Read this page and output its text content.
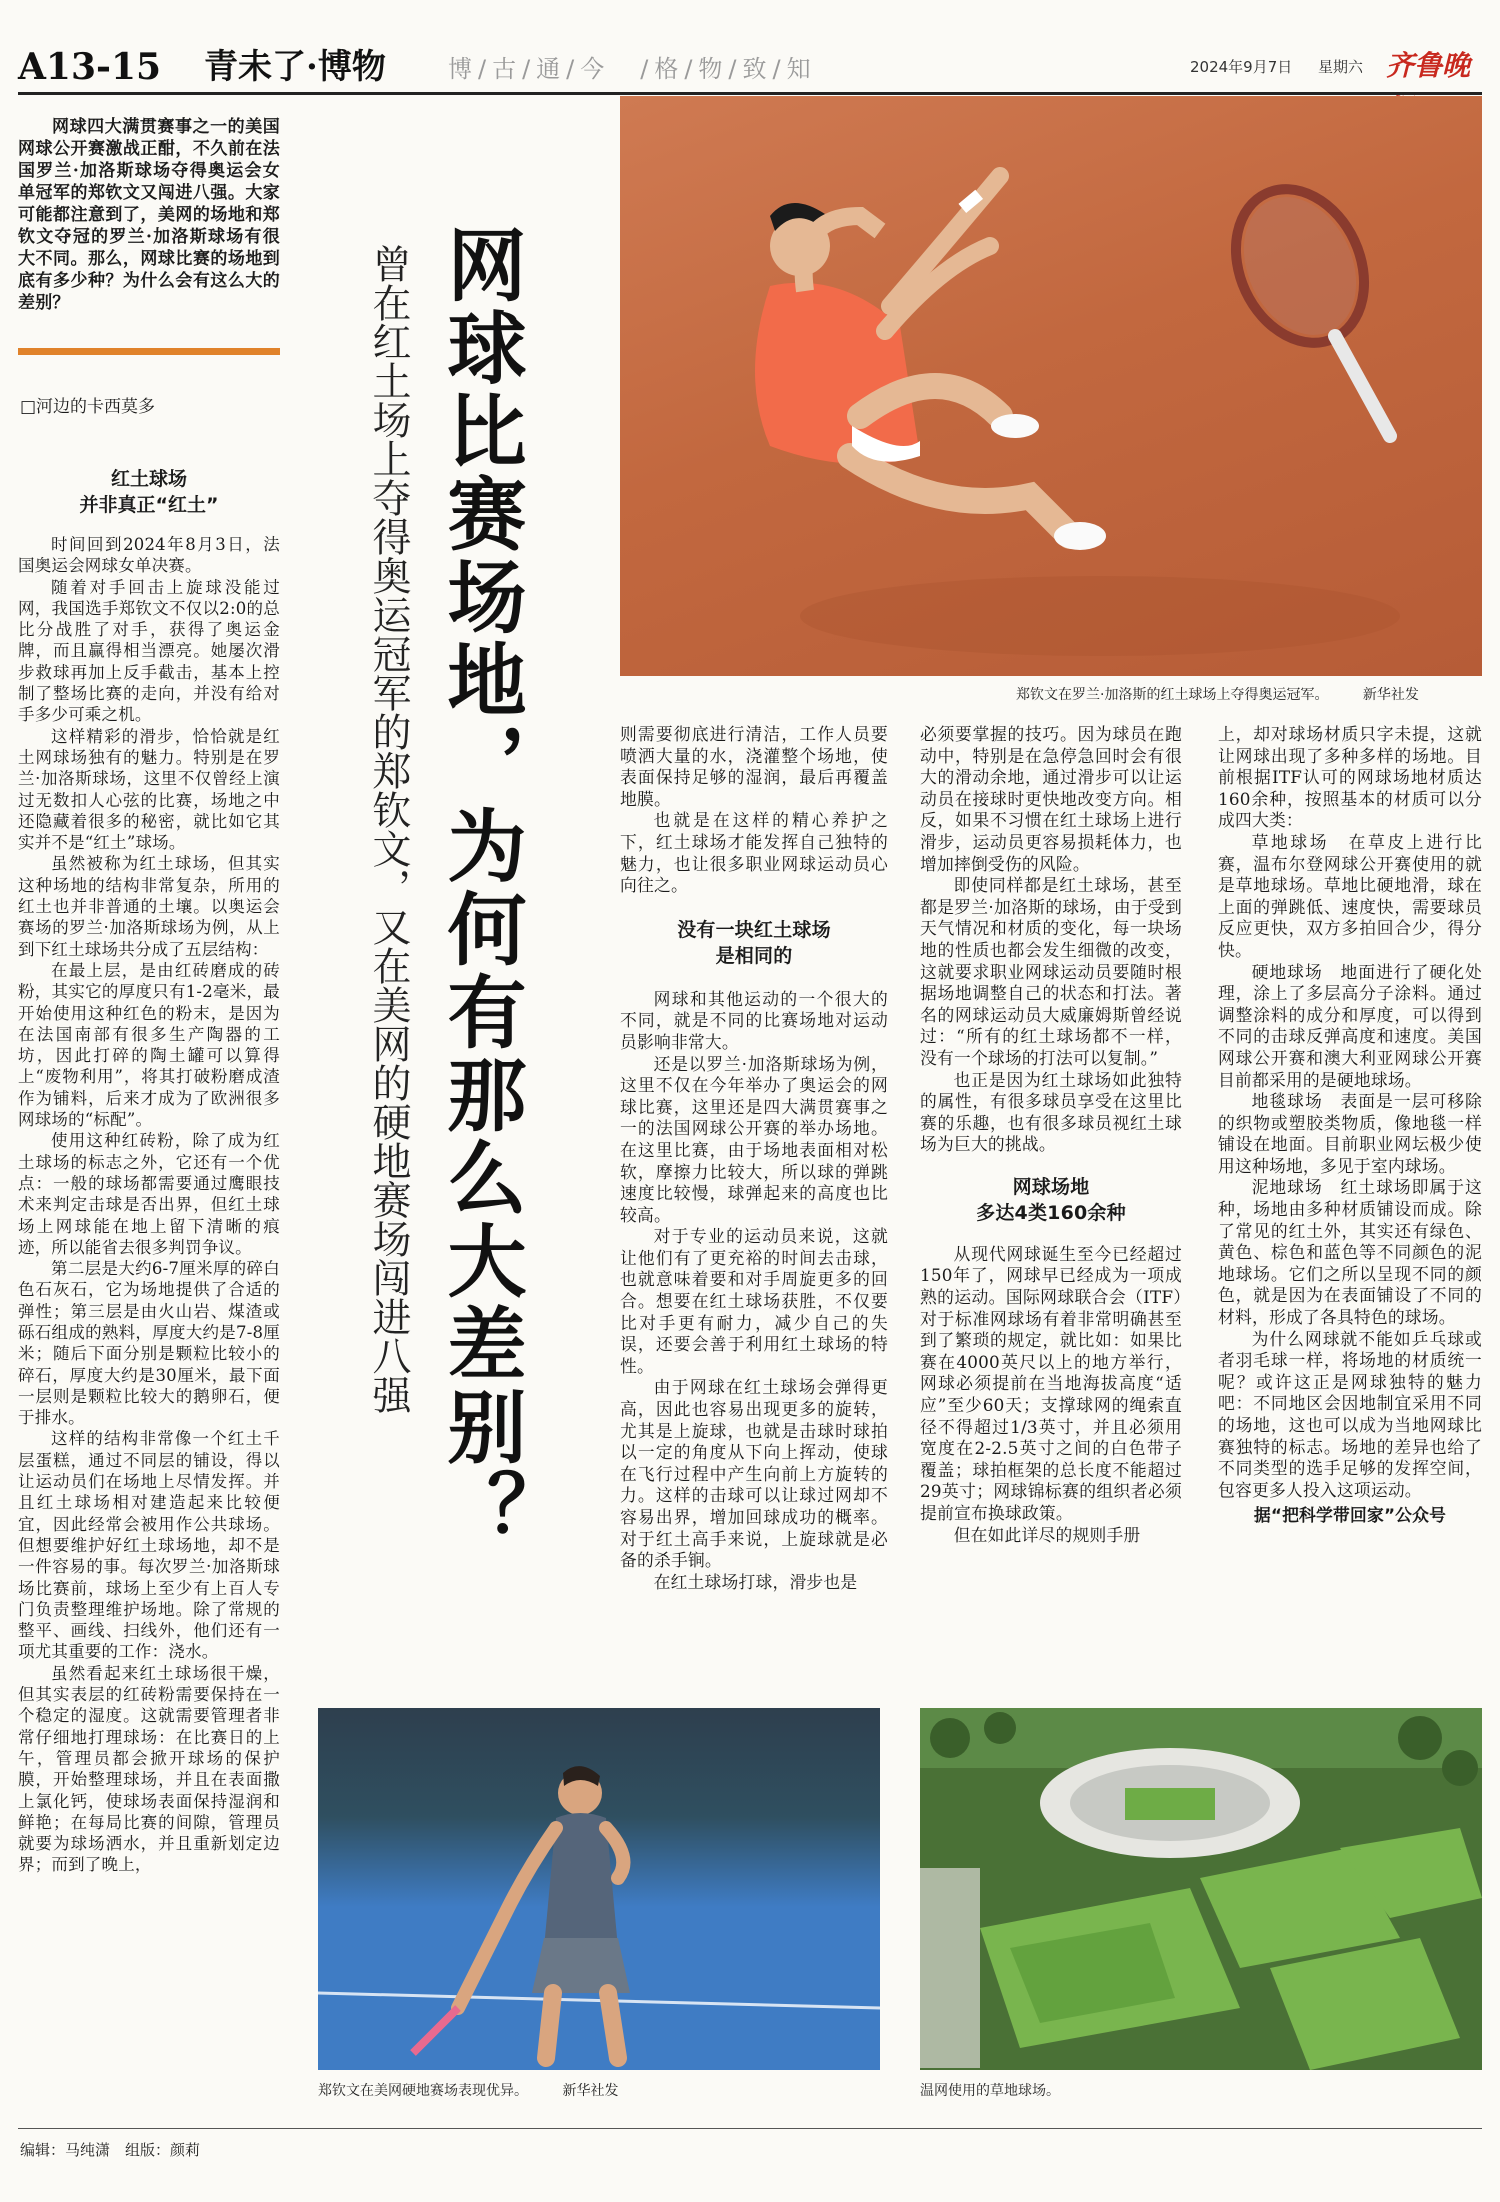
A13-15 青未了·博物	博/古/通/今　/格/物/致/知	2024年9月7日 星期六 齐鲁晚
网球四大满贯赛事之一的美国网球公开赛激战正酣，不久前在法国罗兰·加洛斯球场夺得奥运会女单冠军的郑钦文又闯进八强。大家可能都注意到了，美网的场地和郑钦文夺冠的罗兰·加洛斯球场有很大不同。那么，网球比赛的场地到底有多少种？为什么会有这么大的差别？
□河边的卡西莫多	网球比赛场地，为何有那么大差别？
曾在红土场上夺得奥运冠军的郑钦文，又在美网的硬地赛场闯进八强
红土球场
并非真正“红土”

时间回到2024年8月3日，法国奥运会网球女单决赛。

随着对手回击上旋球没能过网，我国选手郑钦文不仅以2:0的总比分战胜了对手，获得了奥运金牌，而且赢得相当漂亮。她屡次滑步救球再加上反手截击，基本上控制了整场比赛的走向，并没有给对手多少可乘之机。

这样精彩的滑步，恰恰就是红土网球场独有的魅力。特别是在罗兰·加洛斯球场，这里不仅曾经上演过无数扣人心弦的比赛，场地之中还隐藏着很多的秘密，就比如它其实并不是“红土”球场。

虽然被称为红土球场，但其实这种场地的结构非常复杂，所用的红土也并非普通的土壤。以奥运会赛场的罗兰·加洛斯球场为例，从上到下红土球场共分成了五层结构：

在最上层，是由红砖磨成的砖粉，其实它的厚度只有1-2毫米，最开始使用这种红色的粉末，是因为在法国南部有很多生产陶器的工坊，因此打碎的陶土罐可以算得上“废物利用”，将其打破粉磨成渣作为铺料，后来才成为了欧洲很多网球场的“标配”。

使用这种红砖粉，除了成为红土球场的标志之外，它还有一个优点：一般的球场都需要通过鹰眼技术来判定击球是否出界，但红土球场上网球能在地上留下清晰的痕迹，所以能省去很多判罚争议。

第二层是大约6-7厘米厚的碎白色石灰石，它为场地提供了合适的弹性；第三层是由火山岩、煤渣或砾石组成的熟料，厚度大约是7-8厘米；随后下面分别是颗粒比较小的碎石，厚度大约是30厘米，最下面一层则是颗粒比较大的鹅卵石，便于排水。

这样的结构非常像一个红土千层蛋糕，通过不同层的铺设，得以让运动员们在场地上尽情发挥。并且红土球场相对建造起来比较便宜，因此经常会被用作公共球场。但想要维护好红土球场地，却不是一件容易的事。每次罗兰·加洛斯球场比赛前，球场上至少有上百人专门负责整理维护场地。除了常规的整平、画线、扫线外，他们还有一项尤其重要的工作：浇水。

虽然看起来红土球场很干燥，但其实表层的红砖粉需要保持在一个稳定的湿度。这就需要管理者非常仔细地打理球场：在比赛日的上午，管理员都会掀开球场的保护膜，开始整理球场，并且在表面撒上氯化钙，使球场表面保持湿润和鲜艳；在每局比赛的间隙，管理员就要为球场洒水，并且重新划定边界；而到了晚上，

郑钦文在罗兰·加洛斯的红土球场上夺得奥运冠军。 新华社发

则需要彻底进行清洁，工作人员要喷洒大量的水，浇灌整个场地，使表面保持足够的湿润，最后再覆盖地膜。

也就是在这样的精心养护之下，红土球场才能发挥自己独特的魅力，也让很多职业网球运动员心向往之。

没有一块红土球场
是相同的

网球和其他运动的一个很大的不同，就是不同的比赛场地对运动员影响非常大。

还是以罗兰·加洛斯球场为例，这里不仅在今年举办了奥运会的网球比赛，这里还是四大满贯赛事之一的法国网球公开赛的举办场地。在这里比赛，由于场地表面相对松软，摩擦力比较大，所以球的弹跳速度比较慢，球弹起来的高度也比较高。

对于专业的运动员来说，这就让他们有了更充裕的时间去击球，也就意味着要和对手周旋更多的回合。想要在红土球场获胜，不仅要比对手更有耐力，减少自己的失误，还要会善于利用红土球场的特性。

由于网球在红土球场会弹得更高，因此也容易出现更多的旋转，尤其是上旋球，也就是击球时球拍以一定的角度从下向上挥动，使球在飞行过程中产生向前上方旋转的力。这样的击球可以让球过网却不容易出界，增加回球成功的概率。对于红土高手来说，上旋球就是必备的杀手锏。

在红土球场打球，滑步也是

必须要掌握的技巧。因为球员在跑动中，特别是在急停急回时会有很大的滑动余地，通过滑步可以让运动员在接球时更快地改变方向。相反，如果不习惯在红土球场上进行滑步，运动员更容易损耗体力，也增加摔倒受伤的风险。

即使同样都是红土球场，甚至都是罗兰·加洛斯的球场，由于受到天气情况和材质的变化，每一块场地的性质也都会发生细微的改变，这就要求职业网球运动员要随时根据场地调整自己的状态和打法。著名的网球运动员大威廉姆斯曾经说过：“所有的红土球场都不一样，没有一个球场的打法可以复制。”

也正是因为红土球场如此独特的属性，有很多球员享受在这里比赛的乐趣，也有很多球员视红土球场为巨大的挑战。

网球场地
多达4类160余种

从现代网球诞生至今已经超过150年了，网球早已经成为一项成熟的运动。国际网球联合会（ITF）对于标准网球场有着非常明确甚至到了繁琐的规定，就比如：如果比赛在4000英尺以上的地方举行，网球必须提前在当地海拔高度“适应”至少60天；支撑球网的绳索直径不得超过1/3英寸，并且必须用宽度在2-2.5英寸之间的白色带子覆盖；球拍框架的总长度不能超过29英寸；网球锦标赛的组织者必须提前宣布换球政策。

但在如此详尽的规则手册

上，却对球场材质只字未提，这就让网球出现了多种多样的场地。目前根据ITF认可的网球场地材质达160余种，按照基本的材质可以分成四大类：

草地球场　在草皮上进行比赛，温布尔登网球公开赛使用的就是草地球场。草地比硬地滑，球在上面的弹跳低、速度快，需要球员反应更快，双方多拍回合少，得分快。

硬地球场　地面进行了硬化处理，涂上了多层高分子涂料。通过调整涂料的成分和厚度，可以得到不同的击球反弹高度和速度。美国网球公开赛和澳大利亚网球公开赛目前都采用的是硬地球场。

地毯球场　表面是一层可移除的织物或塑胶类物质，像地毯一样铺设在地面。目前职业网坛极少使用这种场地，多见于室内球场。

泥地球场　红土球场即属于这种，场地由多种材质铺设而成。除了常见的红土外，其实还有绿色、黄色、棕色和蓝色等不同颜色的泥地球场。它们之所以呈现不同的颜色，就是因为在表面铺设了不同的材料，形成了各具特色的球场。

为什么网球就不能如乒乓球或者羽毛球一样，将场地的材质统一呢？或许这正是网球独特的魅力吧：不同地区会因地制宜采用不同的场地，这也可以成为当地网球比赛独特的标志。场地的差异也给了不同类型的选手足够的发挥空间，包容更多人投入这项运动。

据“把科学带回家”公众号

郑钦文在美网硬地赛场表现优异。 新华社发	温网使用的草地球场。
编辑：马纯潇　组版：颜莉
